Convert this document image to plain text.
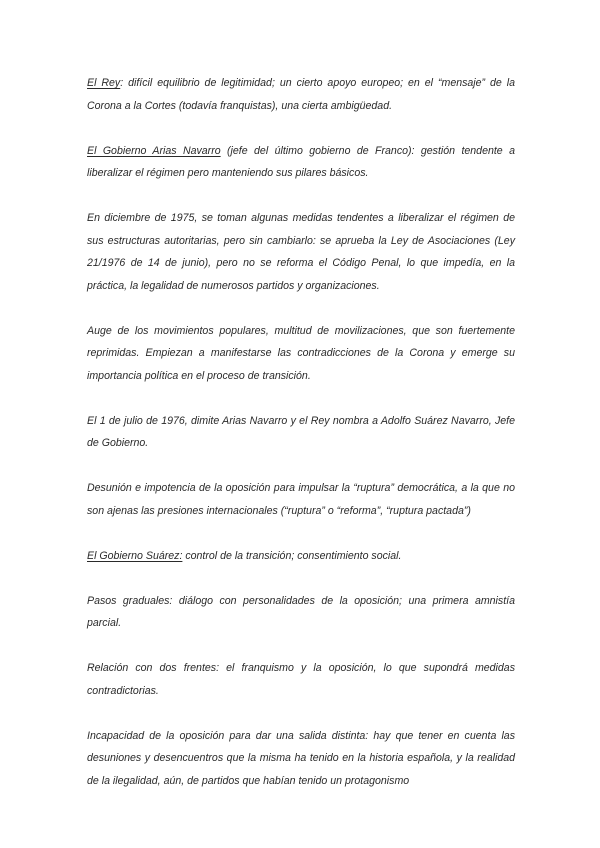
El Rey: difícil equilibrio de legitimidad; un cierto apoyo europeo; en el “mensaje” de la Corona a la Cortes (todavía franquistas), una cierta ambigüedad.

El Gobierno Arias Navarro (jefe del último gobierno de Franco): gestión tendente a liberalizar el régimen pero manteniendo sus pilares básicos.

En diciembre de 1975, se toman algunas medidas tendentes a liberalizar el régimen de sus estructuras autoritarias, pero sin cambiarlo: se aprueba la Ley de Asociaciones (Ley 21/1976 de 14 de junio), pero no se reforma el Código Penal, lo que impedía, en la práctica, la legalidad de numerosos partidos y organizaciones.

Auge de los movimientos populares, multitud de movilizaciones, que son fuertemente reprimidas. Empiezan a manifestarse las contradicciones de la Corona y emerge su importancia política en el proceso de transición.

El 1 de julio de 1976, dimite Arias Navarro y el Rey nombra a Adolfo Suárez Navarro, Jefe de Gobierno.

Desunión e impotencia de la oposición para impulsar la “ruptura” democrática, a la que no son ajenas las presiones internacionales (“ruptura” o “reforma”, “ruptura pactada”)

El Gobierno Suárez: control de la transición; consentimiento social.

Pasos graduales: diálogo con personalidades de la oposición; una primera amnistía parcial.

Relación con dos frentes: el franquismo y la oposición, lo que supondrá medidas contradictorias.

Incapacidad de la oposición para dar una salida distinta: hay que tener en cuenta las desuniones y desencuentros que la misma ha tenido en la historia española, y la realidad de la ilegalidad, aún, de partidos que habían tenido un protagonismo
